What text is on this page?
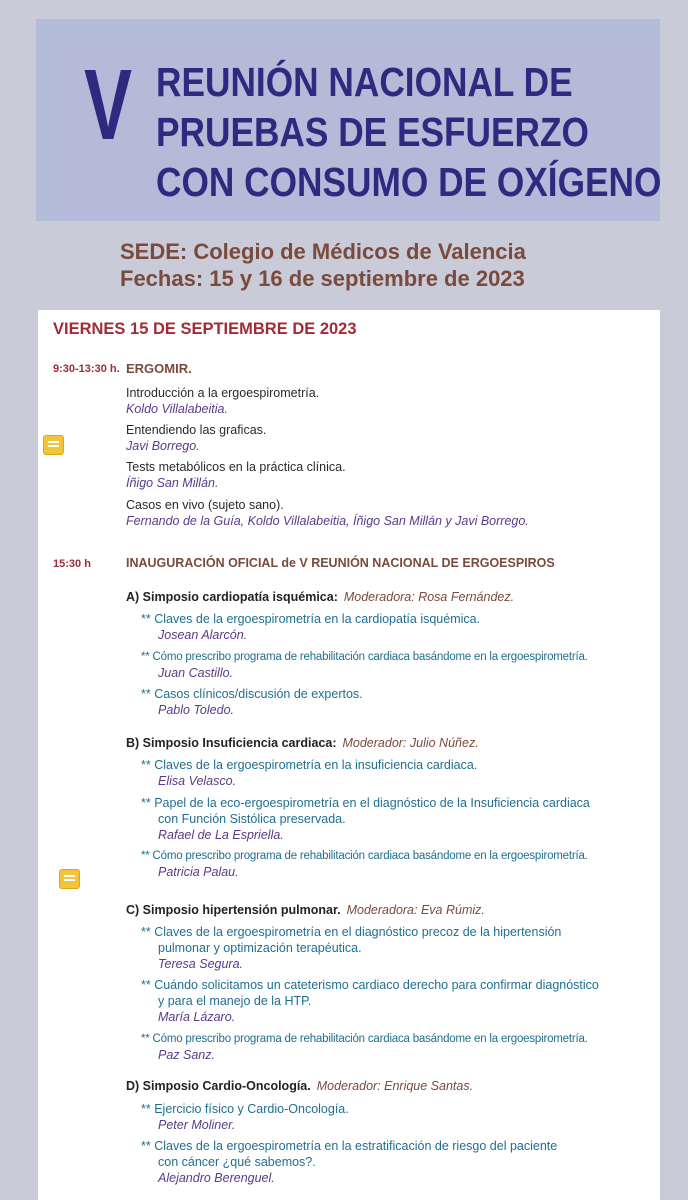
V REUNIÓN NACIONAL DE
PRUEBAS DE ESFUERZO
CON CONSUMO DE OXÍGENO
SEDE: Colegio de Médicos de Valencia
Fechas: 15 y 16 de septiembre de 2023
VIERNES 15 DE SEPTIEMBRE DE 2023
9:30-13:30 h. ERGOMIR.
Introducción a la ergoespirometría.
Koldo Villalabeitia.
Entendiendo las graficas.
Javi Borrego.
Tests metabólicos en la práctica clínica.
Íñigo San Millán.
Casos en vivo (sujeto sano).
Fernando de la Guía, Koldo Villalabeitia, Íñigo San Millán y Javi Borrego.
15:30 h	INAUGURACIÓN OFICIAL de V REUNIÓN NACIONAL DE ERGOESPIROS
A) Simposio cardiopatía isquémica: Moderadora: Rosa Fernández.
** Claves de la ergoespirometría en la cardiopatía isquémica.
Josean Alarcón.
** Cómo prescribo programa de rehabilitación cardiaca basándome en la ergoespirometría.
Juan Castillo.
** Casos clínicos/discusión de expertos.
Pablo Toledo.
B) Simposio Insuficiencia cardiaca: Moderador: Julio Núñez.
** Claves de la ergoespirometría en la insuficiencia cardiaca.
Elisa Velasco.
** Papel de la eco-ergoespirometría en el diagnóstico de la Insuficiencia cardiaca
con Función Sistólica preservada.
Rafael de La Espriella.
** Cómo prescribo programa de rehabilitación cardiaca basándome en la ergoespirometría.
Patricia Palau.
C) Simposio hipertensión pulmonar. Moderadora: Eva Rúmiz.
** Claves de la ergoespirometría en el diagnóstico precoz de la hipertensión
pulmonar y optimización terapéutica.
Teresa Segura.
** Cuándo solicitamos un cateterismo cardiaco derecho para confirmar diagnóstico
y para el manejo de la HTP.
María Lázaro.
** Cómo prescribo programa de rehabilitación cardiaca basándome en la ergoespirometría.
Paz Sanz.
D) Simposio Cardio-Oncología. Moderador: Enrique Santas.
** Ejercicio físico y Cardio-Oncología.
Peter Moliner.
** Claves de la ergoespirometría en la estratificación de riesgo del paciente
con cáncer ¿qué sabemos?.
Alejandro Berenguel.
